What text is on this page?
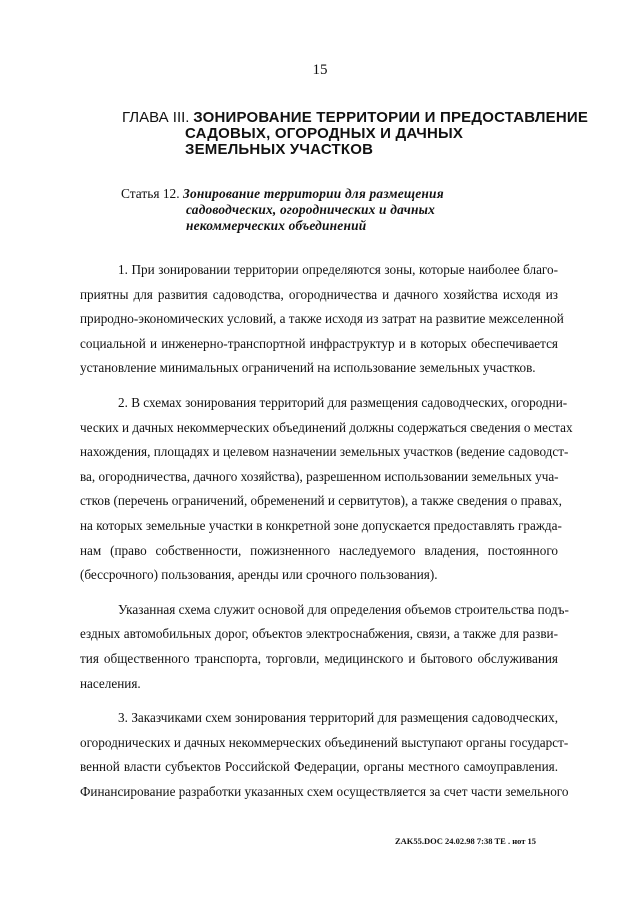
15
ГЛАВА III. ЗОНИРОВАНИЕ ТЕРРИТОРИИ И ПРЕДОСТАВЛЕНИЕ
САДОВЫХ, ОГОРОДНЫХ И ДАЧНЫХ
ЗЕМЕЛЬНЫХ УЧАСТКОВ
Статья 12. Зонирование территории для размещения
садоводческих, огороднических и дачных
некоммерческих объединений
1. При зонировании территории определяются зоны, которые наиболее благо-
приятны для развития садоводства, огородничества и дачного хозяйства исходя из
природно-экономических условий, а также исходя из затрат на развитие межселенной
социальной и инженерно-транспортной инфраструктур и в которых обеспечивается
установление минимальных ограничений на использование земельных участков.
2. В схемах зонирования территорий для размещения садоводческих, огородни-
ческих и дачных некоммерческих объединений должны содержаться сведения о местах
нахождения, площадях и целевом назначении земельных участков (ведение садоводст-
ва, огородничества, дачного хозяйства), разрешенном использовании земельных уча-
стков (перечень ограничений, обременений и сервитутов), а также сведения о правах,
на которых земельные участки в конкретной зоне допускается предоставлять гражда-
нам (право собственности, пожизненного наследуемого владения, постоянного
(бессрочного) пользования, аренды или срочного пользования).
Указанная схема служит основой для определения объемов строительства подъ-
ездных автомобильных дорог, объектов электроснабжения, связи, а также для разви-
тия общественного транспорта, торговли, медицинского и бытового обслуживания
населения.
3. Заказчиками схем зонирования территорий для размещения садоводческих,
огороднических и дачных некоммерческих объединений выступают органы государст-
венной власти субъектов Российской Федерации, органы местного самоуправления.
Финансирование разработки указанных схем осуществляется за счет части земельного
ZAK55.DOC 24.02.98 7:38 TE . нот 15
